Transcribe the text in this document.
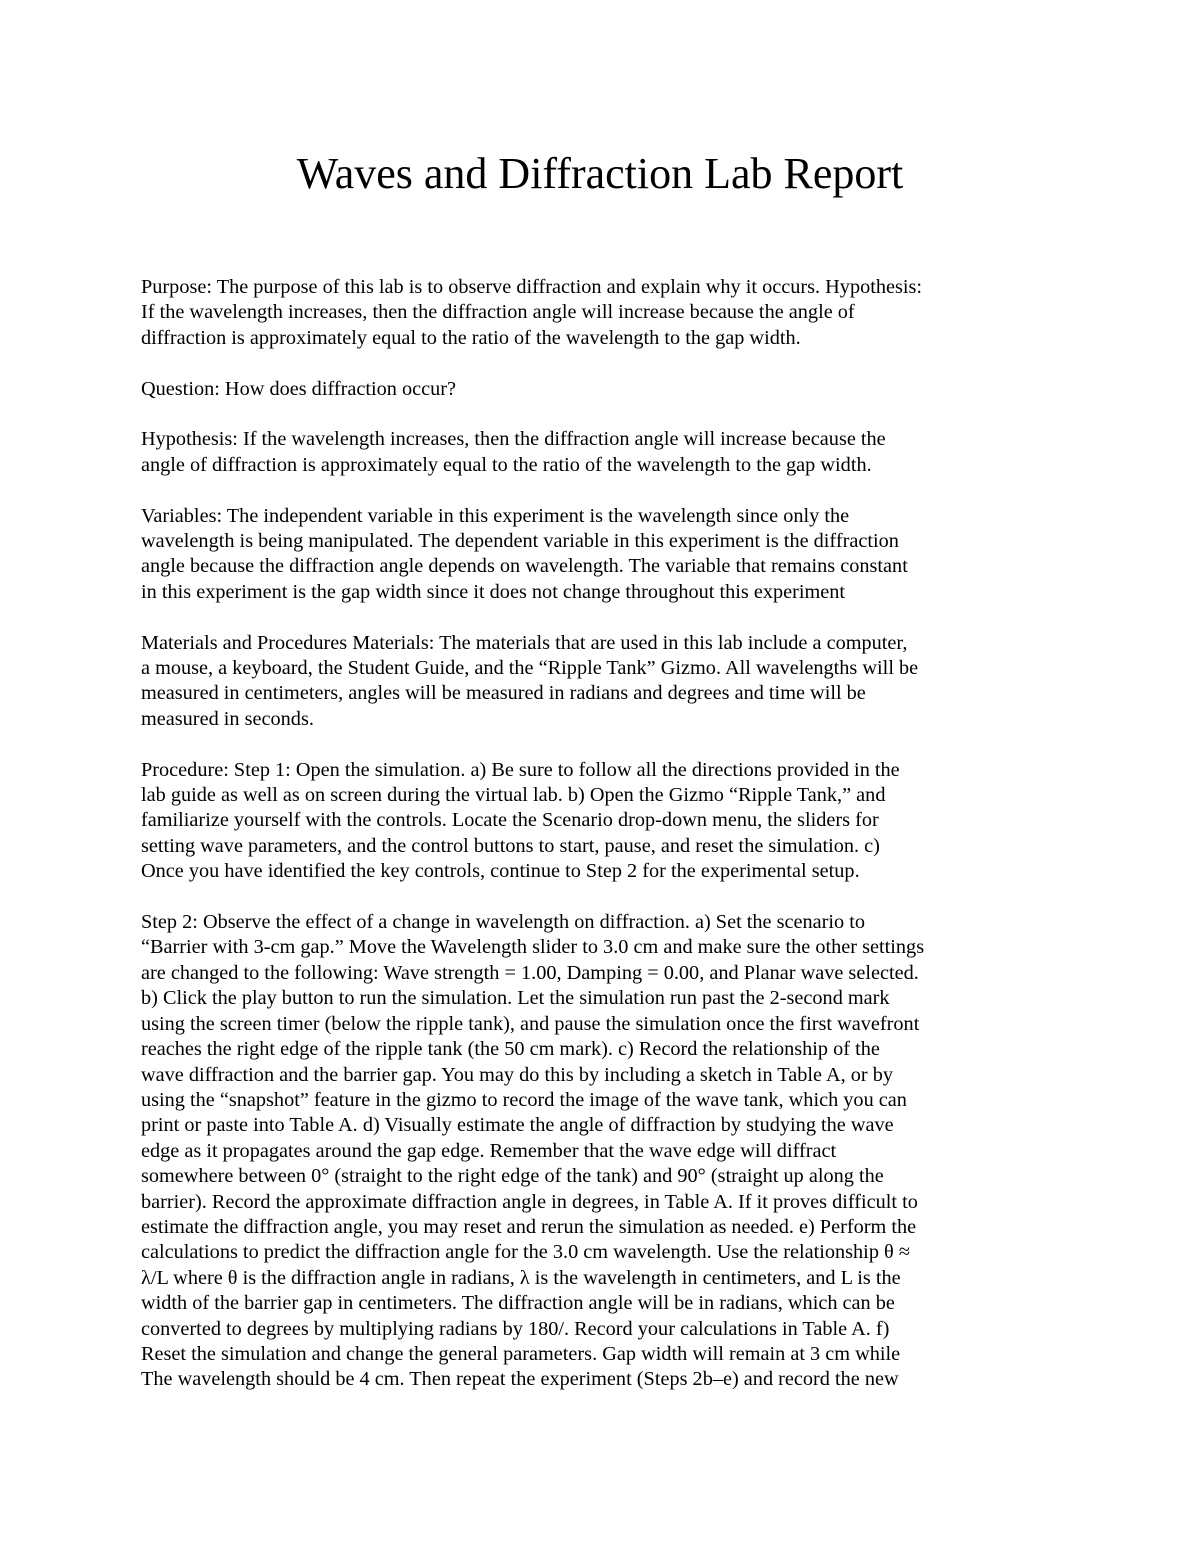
Waves and Diffraction Lab Report

Purpose: The purpose of this lab is to observe diffraction and explain why it occurs. Hypothesis:
If the wavelength increases, then the diffraction angle will increase because the angle of
diffraction is approximately equal to the ratio of the wavelength to the gap width.

Question: How does diffraction occur?

Hypothesis: If the wavelength increases, then the diffraction angle will increase because the
angle of diffraction is approximately equal to the ratio of the wavelength to the gap width.

Variables: The independent variable in this experiment is the wavelength since only the
wavelength is being manipulated. The dependent variable in this experiment is the diffraction
angle because the diffraction angle depends on wavelength. The variable that remains constant
in this experiment is the gap width since it does not change throughout this experiment

Materials and Procedures Materials: The materials that are used in this lab include a computer,
a mouse, a keyboard, the Student Guide, and the “Ripple Tank” Gizmo. All wavelengths will be
measured in centimeters, angles will be measured in radians and degrees and time will be
measured in seconds.

Procedure: Step 1: Open the simulation. a) Be sure to follow all the directions provided in the
lab guide as well as on screen during the virtual lab. b) Open the Gizmo “Ripple Tank,” and
familiarize yourself with the controls. Locate the Scenario drop-down menu, the sliders for
setting wave parameters, and the control buttons to start, pause, and reset the simulation. c)
Once you have identified the key controls, continue to Step 2 for the experimental setup.

Step 2: Observe the effect of a change in wavelength on diffraction. a) Set the scenario to
“Barrier with 3-cm gap.” Move the Wavelength slider to 3.0 cm and make sure the other settings
are changed to the following: Wave strength = 1.00, Damping = 0.00, and Planar wave selected.
b) Click the play button to run the simulation. Let the simulation run past the 2-second mark
using the screen timer (below the ripple tank), and pause the simulation once the first wavefront
reaches the right edge of the ripple tank (the 50 cm mark). c) Record the relationship of the
wave diffraction and the barrier gap. You may do this by including a sketch in Table A, or by
using the “snapshot” feature in the gizmo to record the image of the wave tank, which you can
print or paste into Table A. d) Visually estimate the angle of diffraction by studying the wave
edge as it propagates around the gap edge. Remember that the wave edge will diffract
somewhere between 0° (straight to the right edge of the tank) and 90° (straight up along the
barrier). Record the approximate diffraction angle in degrees, in Table A. If it proves difficult to
estimate the diffraction angle, you may reset and rerun the simulation as needed. e) Perform the
calculations to predict the diffraction angle for the 3.0 cm wavelength. Use the relationship θ ≈
λ/L where θ is the diffraction angle in radians, λ is the wavelength in centimeters, and L is the
width of the barrier gap in centimeters. The diffraction angle will be in radians, which can be
converted to degrees by multiplying radians by 180/. Record your calculations in Table A. f)
Reset the simulation and change the general parameters. Gap width will remain at 3 cm while
The wavelength should be 4 cm. Then repeat the experiment (Steps 2b–e) and record the new
